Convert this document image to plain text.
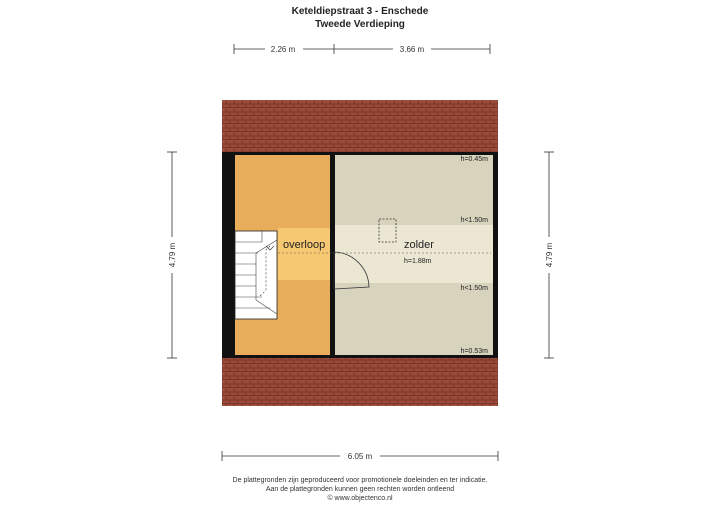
Keteldiepstraat 3 - Enschede
Tweede Verdieping
2.26 m	3.66 m
4.79 m	4.79 m
6.05 m
overloop	zolder
h=0.45m
h<1.50m
h=1.88m
h<1.50m
h=0.53m
De plattegronden zijn geproduceerd voor promotionele doeleinden en ter indicatie.
Aan de plattegronden kunnen geen rechten worden ontleend
© www.objectenco.nl
